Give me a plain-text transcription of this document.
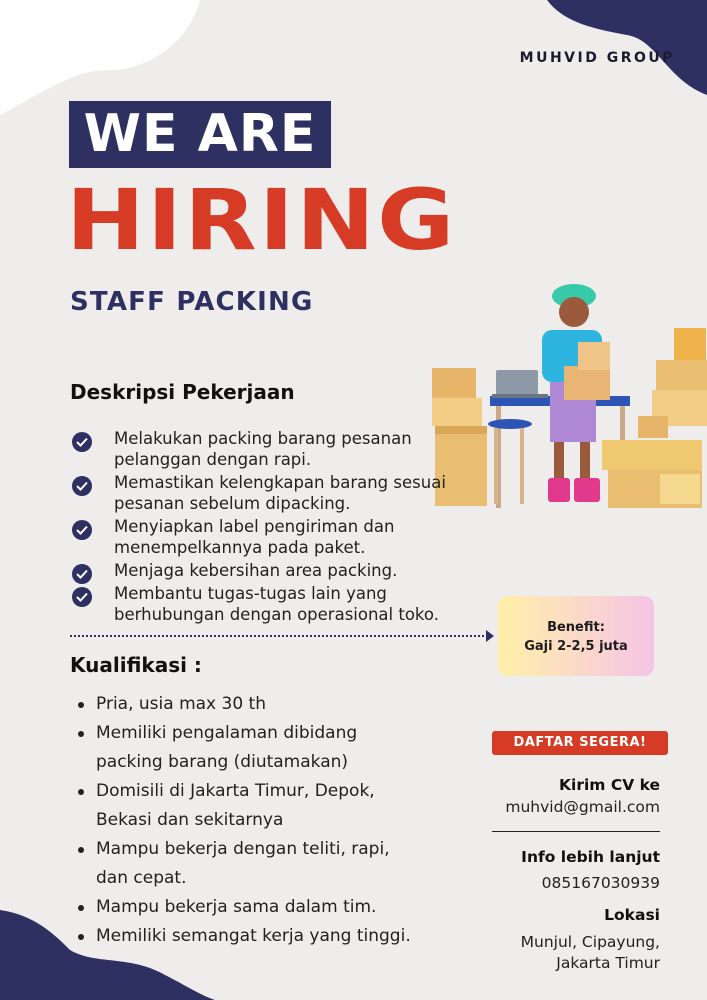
MUHVID GROUP
WE ARE
HIRING
STAFF PACKING
Deskripsi Pekerjaan
Melakukan packing barang pesanan pelanggan dengan rapi.
Memastikan kelengkapan barang sesuai pesanan sebelum dipacking.
Menyiapkan label pengiriman dan menempelkannya pada paket.
Menjaga kebersihan area packing.
Membantu tugas-tugas lain yang berhubungan dengan operasional toko.
Benefit:
Gaji 2-2,5 juta
Kualifikasi :
Pria, usia max 30 th
Memiliki pengalaman dibidang packing barang (diutamakan)
Domisili di Jakarta Timur, Depok, Bekasi dan sekitarnya
Mampu bekerja dengan teliti, rapi, dan cepat.
Mampu bekerja sama dalam tim.
Memiliki semangat kerja yang tinggi.
DAFTAR SEGERA!
Kirim CV ke
muhvid@gmail.com
Info lebih lanjut
085167030939
Lokasi
Munjul, Cipayung,
Jakarta Timur
